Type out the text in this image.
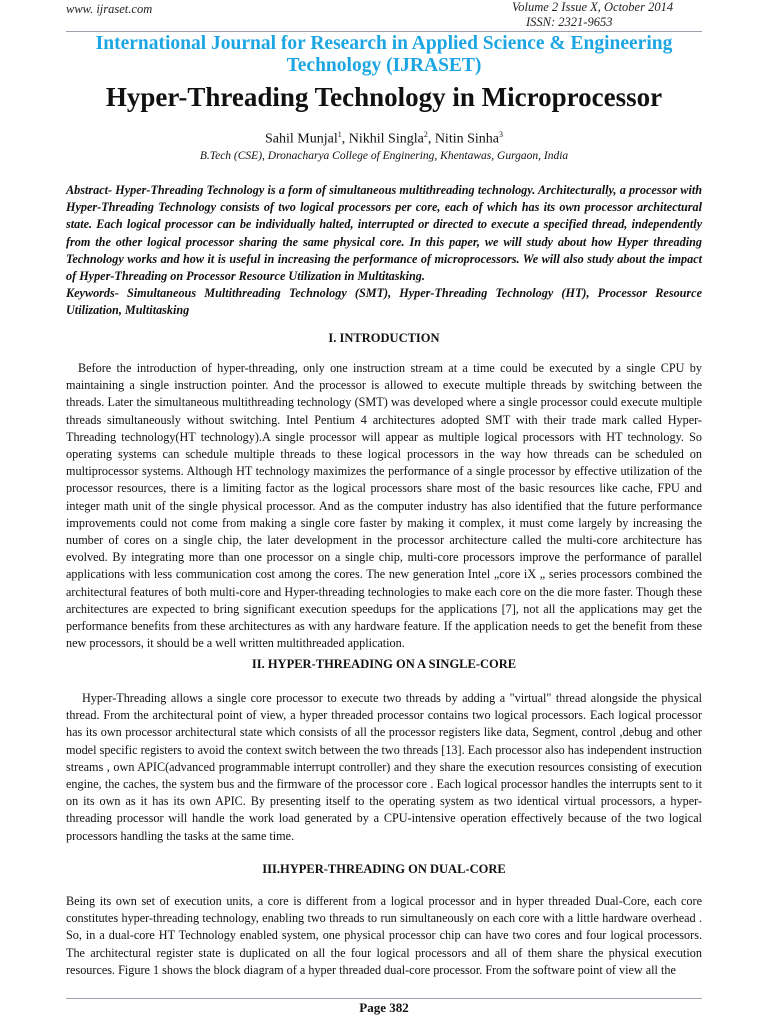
www. ijraset.com	Volume 2 Issue X, October 2014
ISSN: 2321-9653
International Journal for Research in Applied Science & Engineering
Technology (IJRASET)
Hyper-Threading Technology in Microprocessor
Sahil Munjal$^1$, Nikhil Singla$^2$, Nitin Sinha$^3$
B.Tech (CSE), Dronacharya College of Enginering, Khentawas, Gurgaon, India

Abstract- Hyper-Threading Technology is a form of simultaneous multithreading technology. Architecturally, a processor with Hyper-Threading Technology consists of two logical processors per core, each of which has its own processor architectural state. Each logical processor can be individually halted, interrupted or directed to execute a specified thread, independently from the other logical processor sharing the same physical core. In this paper, we will study about how Hyper threading Technology works and how it is useful in increasing the performance of microprocessors. We will also study about the impact of Hyper-Threading on Processor Resource Utilization in Multitasking.

Keywords- Simultaneous Multithreading Technology (SMT), Hyper-Threading Technology (HT), Processor Resource Utilization, Multitasking

I. INTRODUCTION

Before the introduction of hyper-threading, only one instruction stream at a time could be executed by a single CPU by maintaining a single instruction pointer. And the processor is allowed to execute multiple threads by switching between the threads. Later the simultaneous multithreading technology (SMT) was developed where a single processor could execute multiple threads simultaneously without switching. Intel Pentium 4 architectures adopted SMT with their trade mark called Hyper-Threading technology(HT technology).A single processor will appear as multiple logical processors with HT technology. So operating systems can schedule multiple threads to these logical processors in the way how threads can be scheduled on multiprocessor systems. Although HT technology maximizes the performance of a single processor by effective utilization of the processor resources, there is a limiting factor as the logical processors share most of the basic resources like cache, FPU and integer math unit of the single physical processor. And as the computer industry has also identified that the future performance improvements could not come from making a single core faster by making it complex, it must come largely by increasing the number of cores on a single chip, the later development in the processor architecture called the multi-core architecture has evolved. By integrating more than one processor on a single chip, multi-core processors improve the performance of parallel applications with less communication cost among the cores. The new generation Intel „core iX „ series processors combined the architectural features of both multi-core and Hyper-threading technologies to make each core on the die more faster. Though these architectures are expected to bring significant execution speedups for the applications [7], not all the applications may get the performance benefits from these architectures as with any hardware feature. If the application needs to get the benefit from these new processors, it should be a well written multithreaded application.

II. HYPER-THREADING ON A SINGLE-CORE

Hyper-Threading allows a single core processor to execute two threads by adding a "virtual" thread alongside the physical thread. From the architectural point of view, a hyper threaded processor contains two logical processors. Each logical processor has its own processor architectural state which consists of all the processor registers like data, Segment, control ,debug and other model specific registers to avoid the context switch between the two threads [13]. Each processor also has independent instruction streams , own APIC(advanced programmable interrupt controller) and they share the execution resources consisting of execution engine, the caches, the system bus and the firmware of the processor core . Each logical processor handles the interrupts sent to it on its own as it has its own APIC. By presenting itself to the operating system as two identical virtual processors, a hyper-threading processor will handle the work load generated by a CPU-intensive operation effectively because of the two logical processors handling the tasks at the same time.

III.HYPER-THREADING ON DUAL-CORE

Being its own set of execution units, a core is different from a logical processor and in hyper threaded Dual-Core, each core constitutes hyper-threading technology, enabling two threads to run simultaneously on each core with a little hardware overhead . So, in a dual-core HT Technology enabled system, one physical processor chip can have two cores and four logical processors. The architectural register state is duplicated on all the four logical processors and all of them share the physical execution resources. Figure 1 shows the block diagram of a hyper threaded dual-core processor. From the software point of view all the

Page 382
